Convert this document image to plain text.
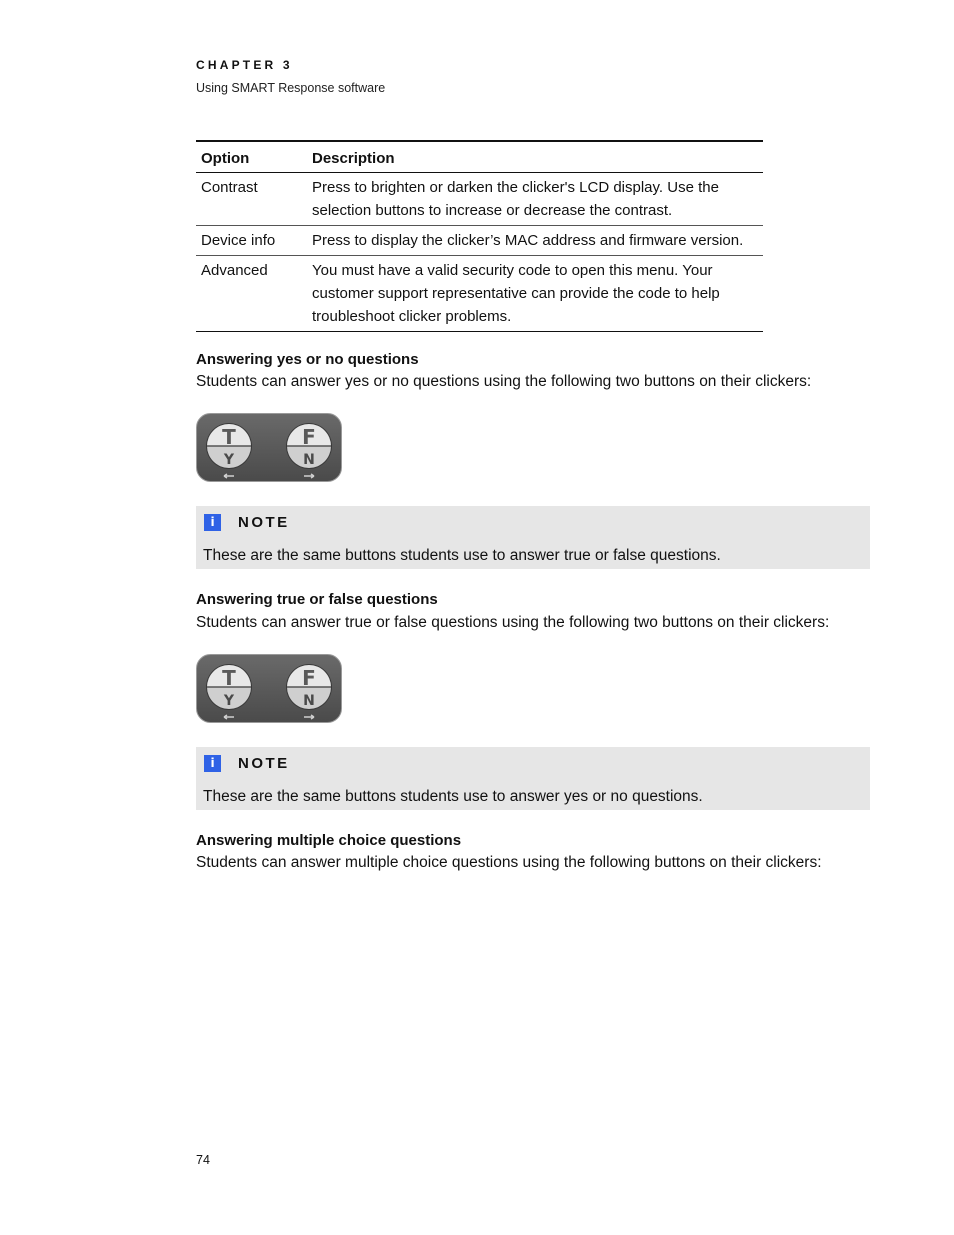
CHAPTER 3
Using SMART Response software
Option	Description
Contrast	Press to brighten or darken the clicker's LCD display. Use the selection buttons to increase or decrease the contrast.
Device info	Press to display the clicker’s MAC address and firmware version.
Advanced	You must have a valid security code to open this menu. Your customer support representative can provide the code to help troubleshoot clicker problems.
Answering yes or no questions
Students can answer yes or no questions using the following two buttons on their clickers:
T
Y
F
N
i	NOTE
These are the same buttons students use to answer true or false questions.
Answering true or false questions
Students can answer true or false questions using the following two buttons on their clickers:
T
Y
F
N
i	NOTE
These are the same buttons students use to answer yes or no questions.
Answering multiple choice questions
Students can answer multiple choice questions using the following buttons on their clickers:
74
